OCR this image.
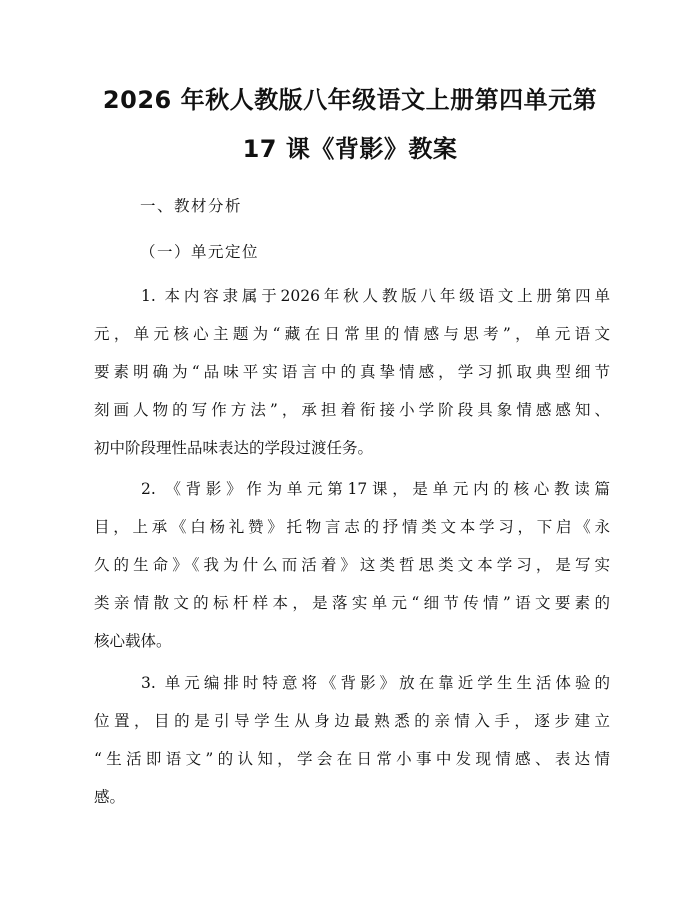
2026 年秋人教版八年级语文上册第四单元第
17 课《背影》教案
一、教材分析
（一）单元定位
1. 本内容隶属于2026年秋人教版八年级语文上册第四单
元，单元核心主题为“藏在日常里的情感与思考”，单元语文
要素明确为“品味平实语言中的真挚情感，学习抓取典型细节
刻画人物的写作方法”，承担着衔接小学阶段具象情感感知、
初中阶段理性品味表达的学段过渡任务。
2. 《背影》作为单元第17课，是单元内的核心教读篇
目，上承《白杨礼赞》托物言志的抒情类文本学习，下启《永
久的生命》《我为什么而活着》这类哲思类文本学习，是写实
类亲情散文的标杆样本，是落实单元“细节传情”语文要素的
核心载体。
3. 单元编排时特意将《背影》放在靠近学生生活体验的
位置，目的是引导学生从身边最熟悉的亲情入手，逐步建立
“生活即语文”的认知，学会在日常小事中发现情感、表达情
感。
